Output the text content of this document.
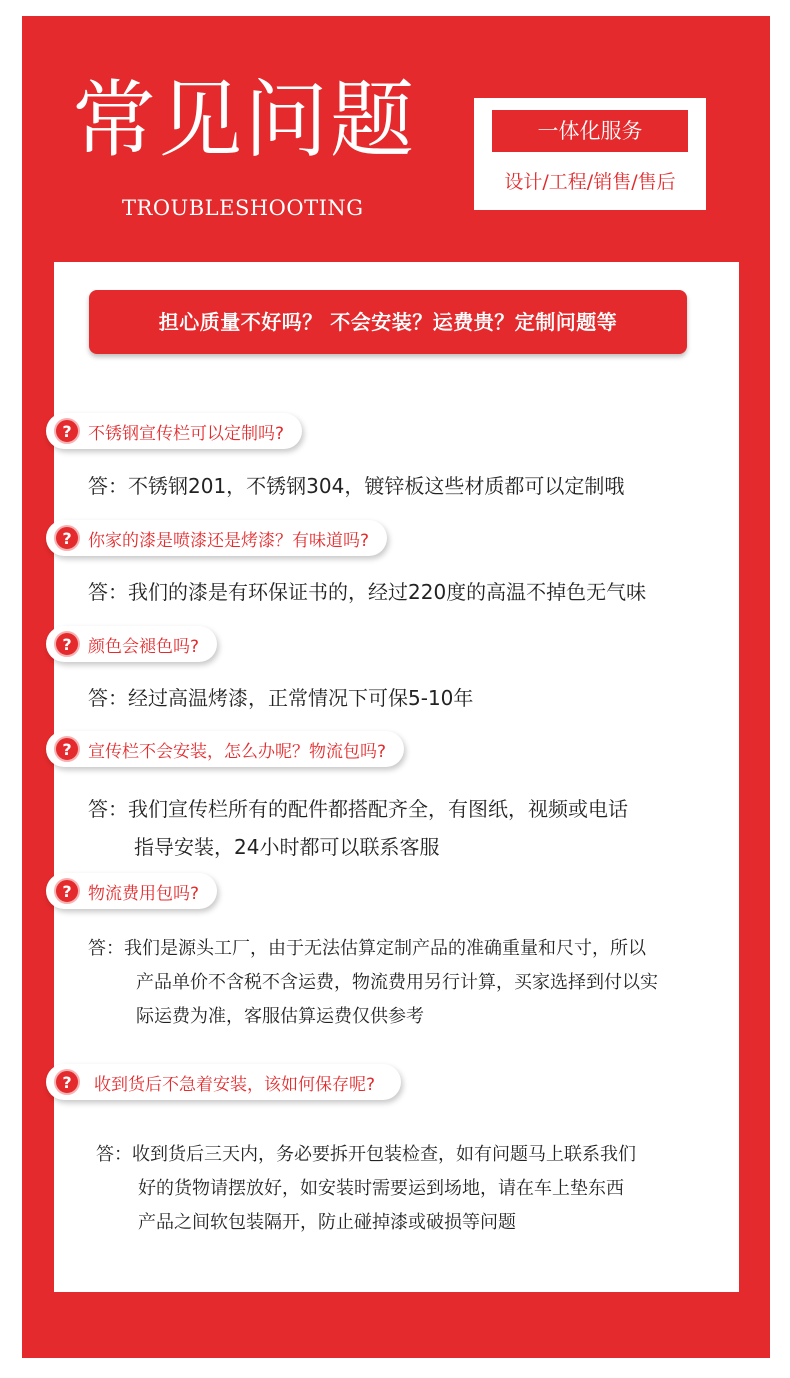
常见问题
TROUBLESHOOTING
一体化服务
设计/工程/销售/售后
担心质量不好吗？ 不会安装？运费贵？定制问题等
? 不锈钢宣传栏可以定制吗?
答：不锈钢201，不锈钢304，镀锌板这些材质都可以定制哦
? 你家的漆是喷漆还是烤漆？有味道吗?
答：我们的漆是有环保证书的，经过220度的高温不掉色无气味
? 颜色会褪色吗?
答：经过高温烤漆，正常情况下可保5-10年
? 宣传栏不会安装，怎么办呢？物流包吗?
答：我们宣传栏所有的配件都搭配齐全，有图纸，视频或电话
指导安装，24小时都可以联系客服
? 物流费用包吗?
答：我们是源头工厂，由于无法估算定制产品的准确重量和尺寸，所以
产品单价不含税不含运费，物流费用另行计算，买家选择到付以实
际运费为准，客服估算运费仅供参考
?	收到货后不急着安装，该如何保存呢?
答：收到货后三天内，务必要拆开包装检查，如有问题马上联系我们
好的货物请摆放好，如安装时需要运到场地，请在车上垫东西
产品之间软包装隔开，防止碰掉漆或破损等问题
